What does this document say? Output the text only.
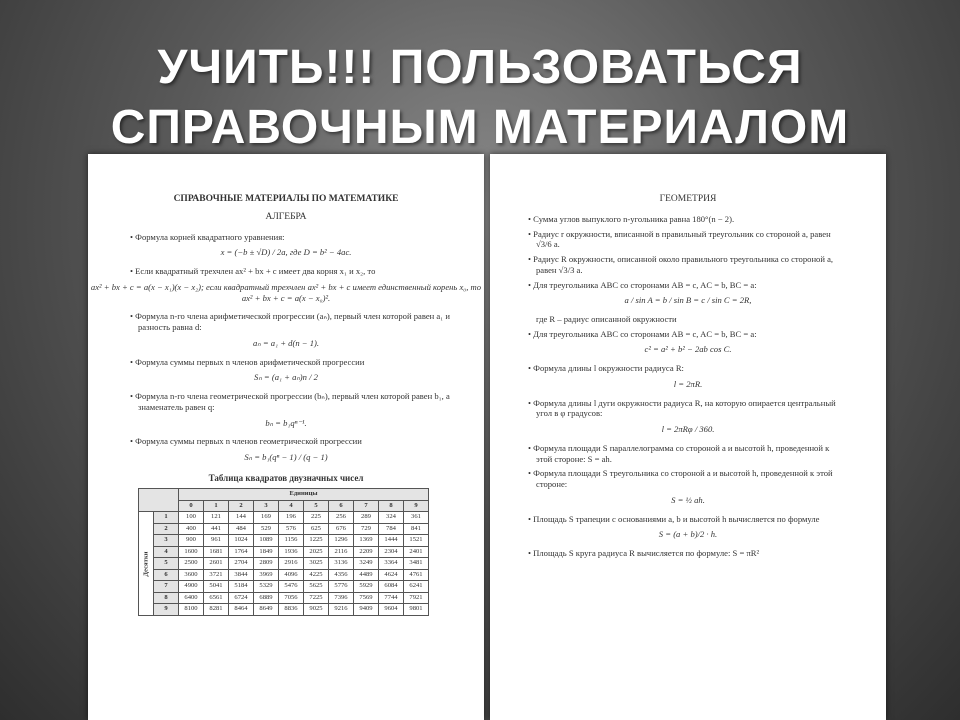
УЧИТЬ!!! ПОЛЬЗОВАТЬСЯ
СПРАВОЧНЫМ МАТЕРИАЛОМ
СПРАВОЧНЫЕ МАТЕРИАЛЫ ПО МАТЕМАТИКЕ
АЛГЕБРА
• Формула корней квадратного уравнения:
x = (−b ± √D) / 2a, где D = b² − 4ac.
• Если квадратный трехчлен ax² + bx + c имеет два корня x₁ и x₂, то
ax² + bx + c = a(x − x₁)(x − x₂); если квадратный трехчлен ax² + bx + c имеет единственный корень x₀, то ax² + bx + c = a(x − x₀)².
• Формула n-го члена арифметической прогрессии (aₙ), первый член которой равен a₁ и разность равна d:
aₙ = a₁ + d(n − 1).
• Формула суммы первых n членов арифметической прогрессии
Sₙ = (a₁ + aₙ)n / 2
• Формула n-го члена геометрической прогрессии (bₙ), первый член которой равен b₁, а знаменатель равен q:
bₙ = b₁qⁿ⁻¹.
• Формула суммы первых n членов геометрической прогрессии
Sₙ = b₁(qⁿ − 1) / (q − 1)
Таблица квадратов двузначных чисел
		Единицы									
		0	1	2	3	4	5	6	7	8	9
Десятки	1	100	121	144	169	196	225	256	289	324	361
	2	400	441	484	529	576	625	676	729	784	841
	3	900	961	1024	1089	1156	1225	1296	1369	1444	1521
	4	1600	1681	1764	1849	1936	2025	2116	2209	2304	2401
	5	2500	2601	2704	2809	2916	3025	3136	3249	3364	3481
	6	3600	3721	3844	3969	4096	4225	4356	4489	4624	4761
	7	4900	5041	5184	5329	5476	5625	5776	5929	6084	6241
	8	6400	6561	6724	6889	7056	7225	7396	7569	7744	7921
	9	8100	8281	8464	8649	8836	9025	9216	9409	9604	9801
ГЕОМЕТРИЯ
• Сумма углов выпуклого n-угольника равна 180°(n − 2).
• Радиус r окружности, вписанной в правильный треугольник со стороной a, равен √3/6 a.
• Радиус R окружности, описанной около правильного треугольника со стороной a, равен √3/3 a.
• Для треугольника ABC со сторонами AB = c, AC = b, BC = a:
a / sin A = b / sin B = c / sin C = 2R,
где R – радиус описанной окружности
• Для треугольника ABC со сторонами AB = c, AC = b, BC = a:
c² = a² + b² − 2ab cos C.
• Формула длины l окружности радиуса R:
l = 2πR.
• Формула длины l дуги окружности радиуса R, на которую опирается центральный угол в φ градусов:
l = 2πRφ / 360.
• Формула площади S параллелограмма со стороной a и высотой h, проведенной к этой стороне: S = ah.
• Формула площади S треугольника со стороной a и высотой h, проведенной к этой стороне:
S = ½ ah.
• Площадь S трапеции с основаниями a, b и высотой h вычисляется по формуле
S = (a + b)/2 · h.
• Площадь S круга радиуса R вычисляется по формуле: S = πR²
